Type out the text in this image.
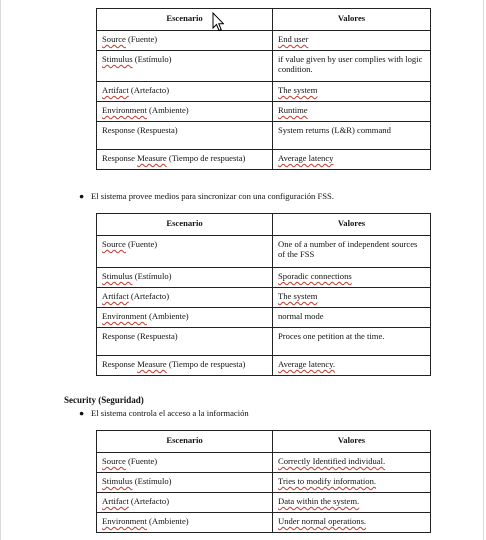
Escenario	Valores
Source (Fuente)	End user
Stimulus (Estímulo)	if value given by user complies with logic condition.
Artifact (Artefacto)	The system
Environment (Ambiente)	Runtime
Response (Respuesta)	System returns (L&R) command
Response Measure (Tiempo de respuesta)	Average latency
● El sistema provee medios para sincronizar con una configuración FSS.
Escenario	Valores
Source (Fuente)	One of a number of independent sources of the FSS
Stimulus (Estímulo)	Sporadic connections
Artifact (Artefacto)	The system
Environment (Ambiente)	normal mode
Response (Respuesta)	Proces one petition at the time.
Response Measure (Tiempo de respuesta)	Average latency.
Security (Seguridad)
● El sistema controla el acceso a la información
Escenario	Valores
Source (Fuente)	Correctly Identified individual.
Stimulus (Estímulo)	Tries to modify information.
Artifact (Artefacto)	Data within the system.
Environment (Ambiente)	Under normal operations.
